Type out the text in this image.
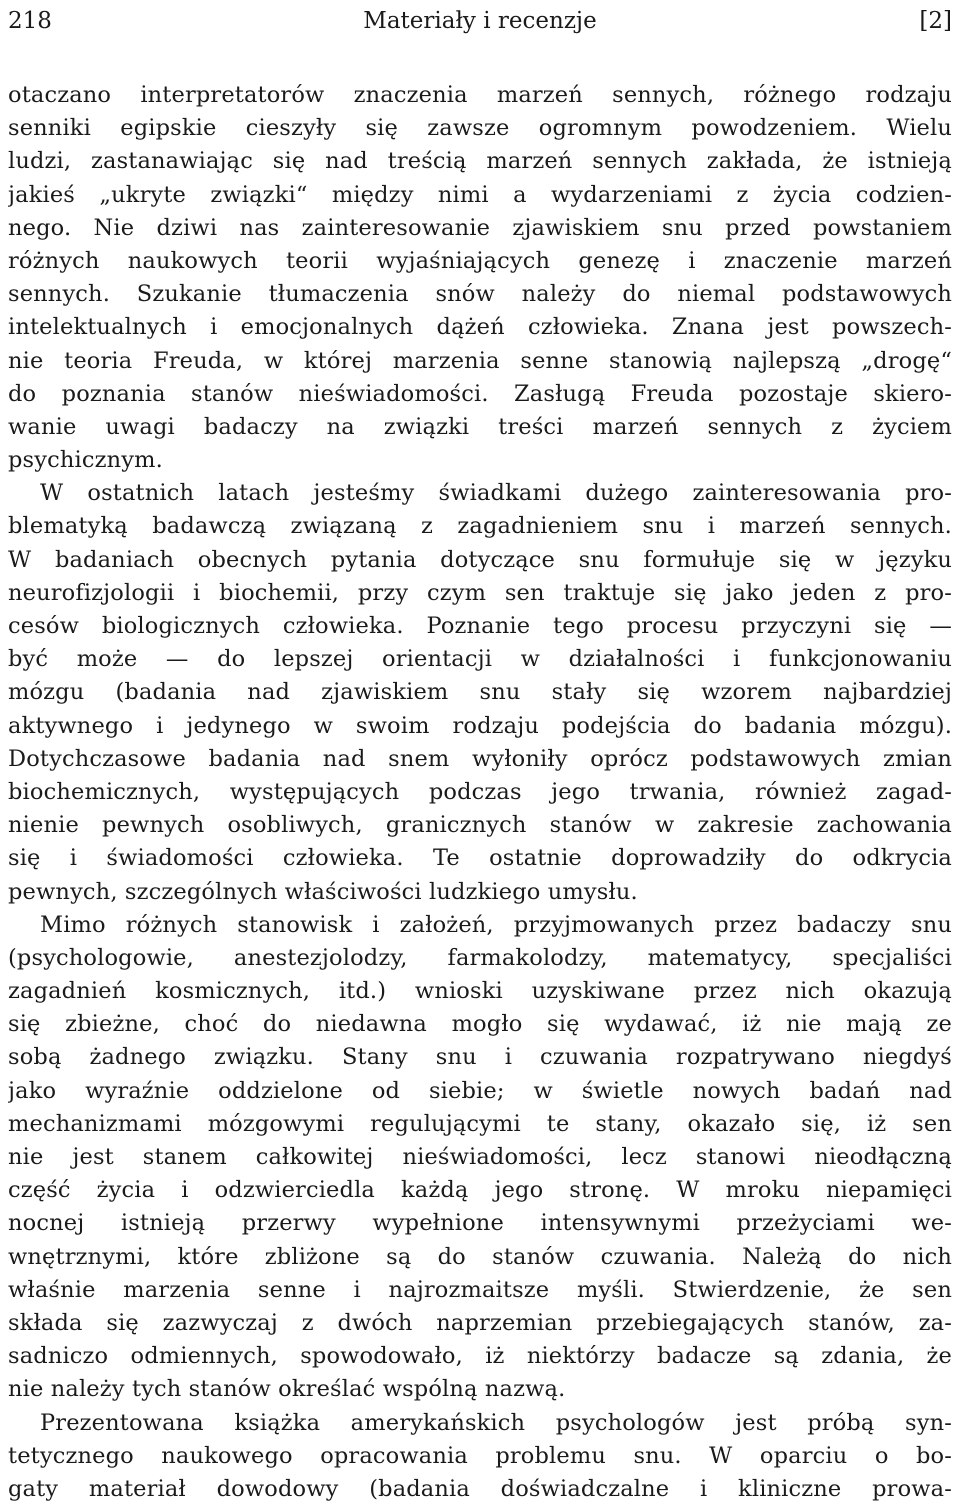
218	Materiały i recenzje	[2]
otaczano interpretatorów znaczenia marzeń sennych, różnego rodzaju
senniki egipskie cieszyły się zawsze ogromnym powodzeniem. Wielu
ludzi, zastanawiając się nad treścią marzeń sennych zakłada, że istnieją
jakieś „ukryte związki“ między nimi a wydarzeniami z życia codzien-
nego. Nie dziwi nas zainteresowanie zjawiskiem snu przed powstaniem
różnych naukowych teorii wyjaśniających genezę i znaczenie marzeń
sennych. Szukanie tłumaczenia snów należy do niemal podstawowych
intelektualnych i emocjonalnych dążeń człowieka. Znana jest powszech-
nie teoria Freuda, w której marzenia senne stanowią najlepszą „drogę“
do poznania stanów nieświadomości. Zasługą Freuda pozostaje skiero-
wanie uwagi badaczy na związki treści marzeń sennych z życiem
psychicznym.
W ostatnich latach jesteśmy świadkami dużego zainteresowania pro-
blematyką badawczą związaną z zagadnieniem snu i marzeń sennych.
W badaniach obecnych pytania dotyczące snu formułuje się w języku
neurofizjologii i biochemii, przy czym sen traktuje się jako jeden z pro-
cesów biologicznych człowieka. Poznanie tego procesu przyczyni się —
być może — do lepszej orientacji w działalności i funkcjonowaniu
mózgu (badania nad zjawiskiem snu stały się wzorem najbardziej
aktywnego i jedynego w swoim rodzaju podejścia do badania mózgu).
Dotychczasowe badania nad snem wyłoniły oprócz podstawowych zmian
biochemicznych, występujących podczas jego trwania, również zagad-
nienie pewnych osobliwych, granicznych stanów w zakresie zachowania
się i świadomości człowieka. Te ostatnie doprowadziły do odkrycia
pewnych, szczególnych właściwości ludzkiego umysłu.
Mimo różnych stanowisk i założeń, przyjmowanych przez badaczy snu
(psychologowie, anestezjolodzy, farmakolodzy, matematycy, specjaliści
zagadnień kosmicznych, itd.) wnioski uzyskiwane przez nich okazują
się zbieżne, choć do niedawna mogło się wydawać, iż nie mają ze
sobą żadnego związku. Stany snu i czuwania rozpatrywano niegdyś
jako wyraźnie oddzielone od siebie; w świetle nowych badań nad
mechanizmami mózgowymi regulującymi te stany, okazało się, iż sen
nie jest stanem całkowitej nieświadomości, lecz stanowi nieodłączną
część życia i odzwierciedla każdą jego stronę. W mroku niepamięci
nocnej istnieją przerwy wypełnione intensywnymi przeżyciami we-
wnętrznymi, które zbliżone są do stanów czuwania. Należą do nich
właśnie marzenia senne i najrozmaitsze myśli. Stwierdzenie, że sen
składa się zazwyczaj z dwóch naprzemian przebiegających stanów, za-
sadniczo odmiennych, spowodowało, iż niektórzy badacze są zdania, że
nie należy tych stanów określać wspólną nazwą.
Prezentowana książka amerykańskich psychologów jest próbą syn-
tetycznego naukowego opracowania problemu snu. W oparciu o bo-
gaty materiał dowodowy (badania doświadczalne i kliniczne prowa-
